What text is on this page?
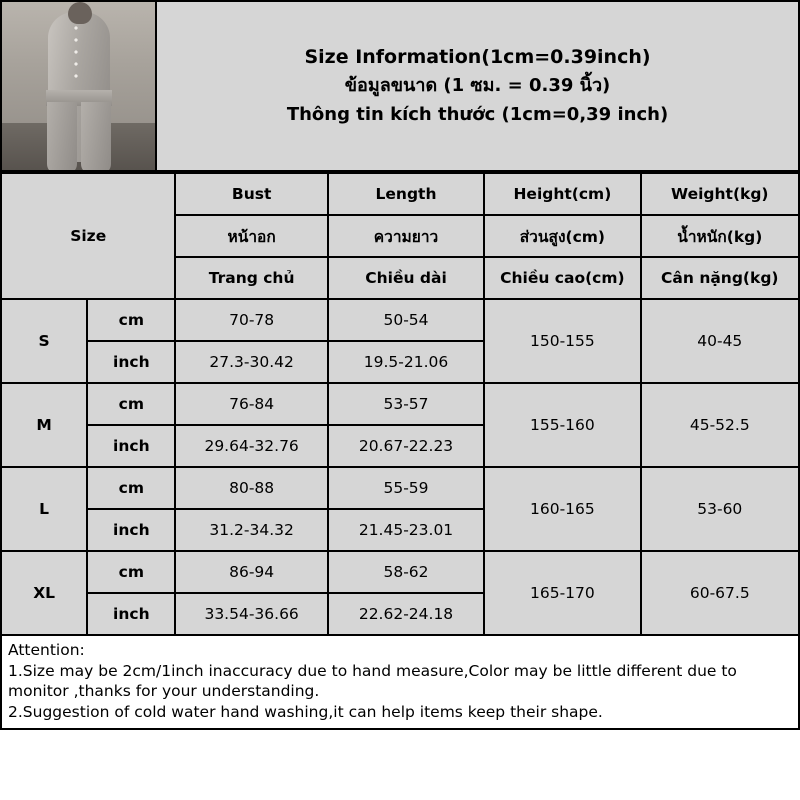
Size Information(1cm=0.39inch)
ข้อมูลขนาด (1 ซม. = 0.39 นิ้ว)
Thông tin kích thước (1cm=0,39 inch)
Size		Bust	Length	Height(cm)	Weight(kg)
		หน้าอก	ความยาว	ส่วนสูง(cm)	น้ำหนัก(kg)
		Trang chủ	Chiều dài	Chiều cao(cm)	Cân nặng(kg)
S	cm	70-78	50-54	150-155	40-45
	inch	27.3-30.42	19.5-21.06		
M	cm	76-84	53-57	155-160	45-52.5
	inch	29.64-32.76	20.67-22.23		
L	cm	80-88	55-59	160-165	53-60
	inch	31.2-34.32	21.45-23.01		
XL	cm	86-94	58-62	165-170	60-67.5
	inch	33.54-36.66	22.62-24.18		

Attention:

1.Size may be 2cm/1inch inaccuracy due to hand measure,Color may be little different due to monitor ,thanks for your understanding.

2.Suggestion of cold water hand washing,it can help items keep their shape.
